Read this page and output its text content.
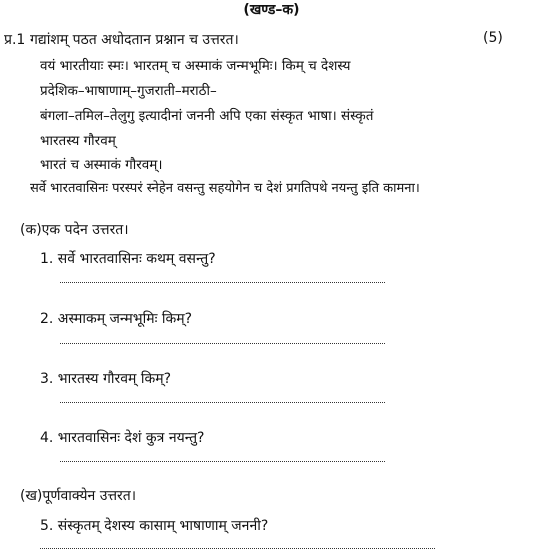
(खण्ड–क)
प्र.1 गद्यांशम् पठत अधोदतान प्रश्नान च उत्तरत।	(5)
वयं भारतीयाः स्मः। भारतम् च अस्माकं जन्मभूमिः। किम् च देशस्य
प्रदेशिक–भाषाणाम्–गुजराती–मराठी–
बंगला–तमिल–तेलुगु इत्यादीनां जननी अपि एका संस्कृत भाषा। संस्कृतं
भारतस्य गौरवम्
भारतं च अस्माकं गौरवम्।
सर्वे भारतवासिनः परस्परं स्नेहेन वसन्तु सहयोगेन च देशं प्रगतिपथे नयन्तु इति कामना।
(क)एक पदेन उत्तरत।
1. सर्वे भारतवासिनः कथम् वसन्तु?
2. अस्माकम् जन्मभूमिः किम्?
3. भारतस्य गौरवम् किम्?
4. भारतवासिनः देशं कुत्र नयन्तु?
(ख)पूर्णवाक्येन उत्तरत।
5. संस्कृतम् देशस्य कासाम् भाषाणाम् जननी?
